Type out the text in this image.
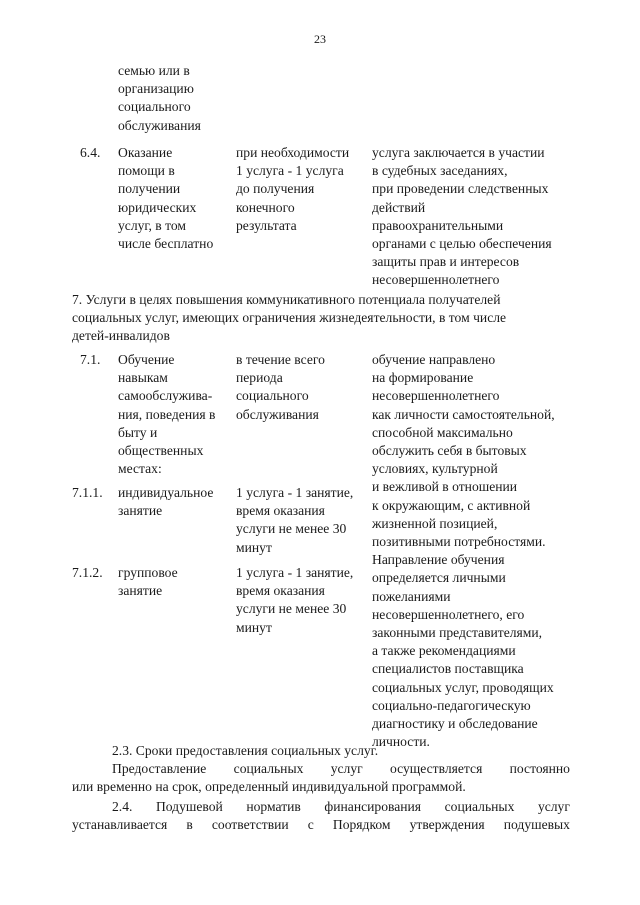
23
семью или в
организацию
социального
обслуживания
6.4. Оказание
помощи в
получении
юридических
услуг, в том
числе бесплатно
при необходимости
1 услуга - 1 услуга
до получения
конечного
результата
услуга заключается в участии
в судебных заседаниях,
при проведении следственных
действий
правоохранительными
органами с целью обеспечения
защиты прав и интересов
несовершеннолетнего
7. Услуги в целях повышения коммуникативного потенциала получателей
социальных услуг, имеющих ограничения жизнедеятельности, в том числе
детей-инвалидов
7.1. Обучение
навыкам
самообслужива-
ния, поведения в
быту и
общественных
местах:
в течение всего
периода
социального
обслуживания
обучение направлено
на формирование
несовершеннолетнего
как личности самостоятельной,
способной максимально
обслужить себя в бытовых
условиях, культурной
и вежливой в отношении
к окружающим, с активной
жизненной позицией,
позитивными потребностями.
Направление обучения
определяется личными
пожеланиями
несовершеннолетнего, его
законными представителями,
а также рекомендациями
специалистов поставщика
социальных услуг, проводящих
социально-педагогическую
диагностику и обследование
личности.
7.1.1. индивидуальное
занятие
1 услуга - 1 занятие,
время оказания
услуги не менее 30
минут
7.1.2. групповое
занятие
1 услуга - 1 занятие,
время оказания
услуги не менее 30
минут
2.3. Сроки предоставления социальных услуг.
Предоставление социальных услуг осуществляется постоянно
или временно на срок, определенный индивидуальной программой.
2.4. Подушевой норматив финансирования социальных услуг
устанавливается в соответствии с Порядком утверждения подушевых
